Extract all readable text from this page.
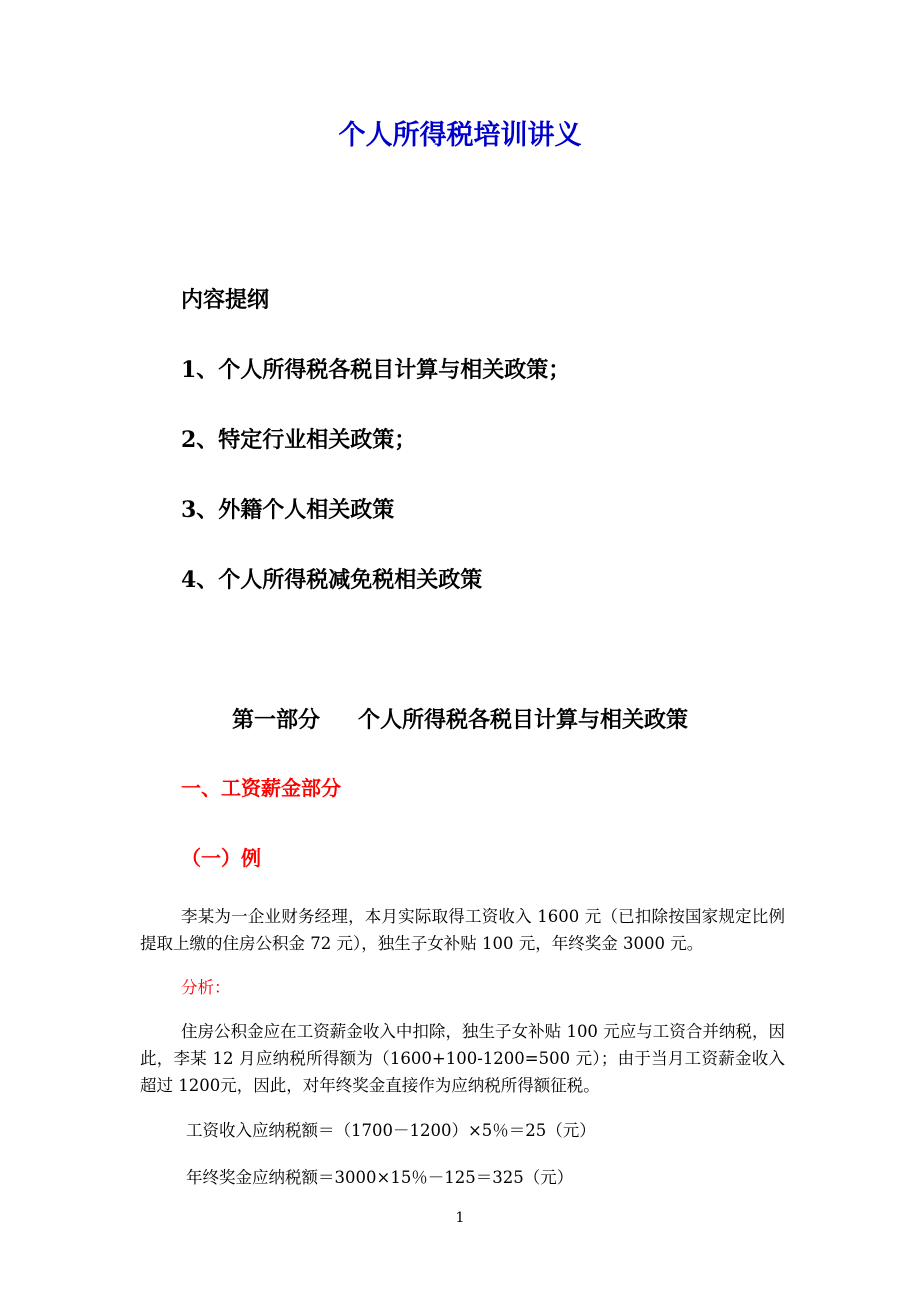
个人所得税培训讲义
内容提纲
1、个人所得税各税目计算与相关政策；
2、特定行业相关政策；
3、外籍个人相关政策
4、个人所得税减免税相关政策
第一部分 个人所得税各税目计算与相关政策
一、工资薪金部分
（一）例
李某为一企业财务经理，本月实际取得工资收入 1600 元（已扣除按国家规定比例提取上缴的住房公积金 72 元），独生子女补贴 100 元，年终奖金 3000 元。
分析：
住房公积金应在工资薪金收入中扣除，独生子女补贴 100 元应与工资合并纳税，因此，李某 12 月应纳税所得额为（1600+100-1200=500 元）；由于当月工资薪金收入超过 1200元，因此，对年终奖金直接作为应纳税所得额征税。
工资收入应纳税额＝（1700－1200）×5％＝25（元）
年终奖金应纳税额＝3000×15％－125＝325（元）
1
